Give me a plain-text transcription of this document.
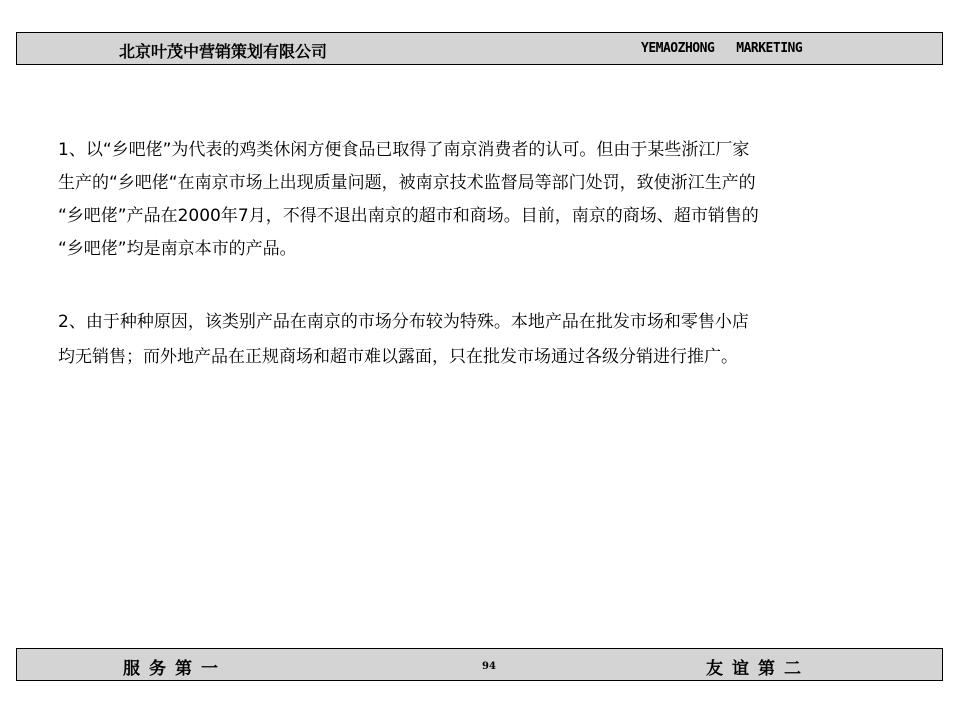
北京叶茂中营销策划有限公司	YEMAOZHONG   MARKETING

1、以“乡吧佬”为代表的鸡类休闲方便食品已取得了南京消费者的认可。但由于某些浙江厂家

生产的“乡吧佬“在南京市场上出现质量问题，被南京技术监督局等部门处罚，致使浙江生产的

“乡吧佬”产品在2000年7月，不得不退出南京的超市和商场。目前，南京的商场、超市销售的

“乡吧佬”均是南京本市的产品。

2、由于种种原因，该类别产品在南京的市场分布较为特殊。本地产品在批发市场和零售小店

均无销售；而外地产品在正规商场和超市难以露面，只在批发市场通过各级分销进行推广。

服务第一	94	友谊第二
